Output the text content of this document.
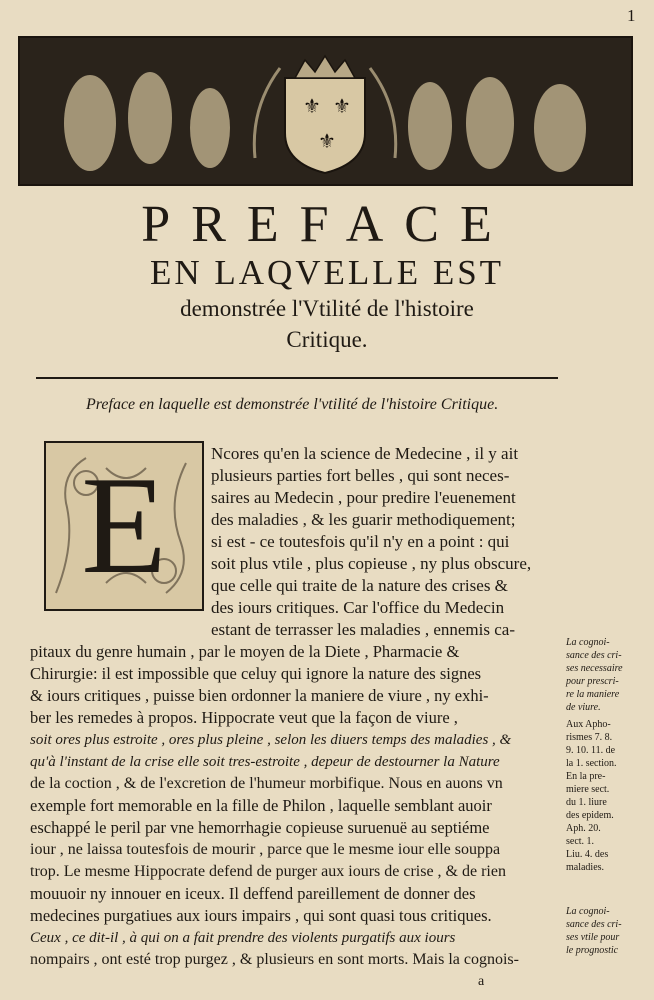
1
⚜ ⚜
⚜
PREFACE
EN LAQVELLE EST
demonstrée l'Vtilité de l'histoire
Critique.
Preface en laquelle est demonstrée l'vtilité de l'histoire Critique.
E	Ncores qu'en la science de Medecine , il y ait
plusieurs parties fort belles , qui sont neces-
saires au Medecin , pour predire l'euenement
des maladies , & les guarir methodiquement;
si est - ce toutesfois qu'il n'y en a point : qui
soit plus vtile , plus copieuse , ny plus obscure,
que celle qui traite de la nature des crises &
des iours critiques. Car l'office du Medecin
estant de terrasser les maladies , ennemis ca-
pitaux du genre humain , par le moyen de la Diete , Pharmacie &
Chirurgie: il est impossible que celuy qui ignore la nature des signes
& iours critiques , puisse bien ordonner la maniere de viure , ny exhi-
ber les remedes à propos. Hippocrate veut que la façon de viure ,
soit ores plus estroite , ores plus pleine , selon les diuers temps des maladies , &
qu'à l'instant de la crise elle soit tres-estroite , depeur de destourner la Nature
de la coction , & de l'excretion de l'humeur morbifique. Nous en auons vn
exemple fort memorable en la fille de Philon , laquelle semblant auoir
eschappé le peril par vne hemorrhagie copieuse suruenuë au septiéme
iour , ne laissa toutesfois de mourir , parce que le mesme iour elle souppa
trop. Le mesme Hippocrate defend de purger aux iours de crise , & de rien
mouuoir ny innouer en iceux. Il deffend pareillement de donner des
medecines purgatiues aux iours impairs , qui sont quasi tous critiques.
Ceux , ce dit-il , à qui on a fait prendre des violents purgatifs aux iours
nompairs , ont esté trop purgez , & plusieurs en sont morts. Mais la cognois-
La cognoi-
sance des cri-
ses necessaire
pour prescri-
re la maniere
de viure.
Aux Apho-
rismes 7. 8.
9. 10. 11. de
la 1. section.
En la pre-
miere sect.
du 1. liure
des epidem.
Aph. 20.
sect. 1.
Liu. 4. des
maladies.
La cognoi-
sance des cri-
ses vtile pour
le prognostic
a
